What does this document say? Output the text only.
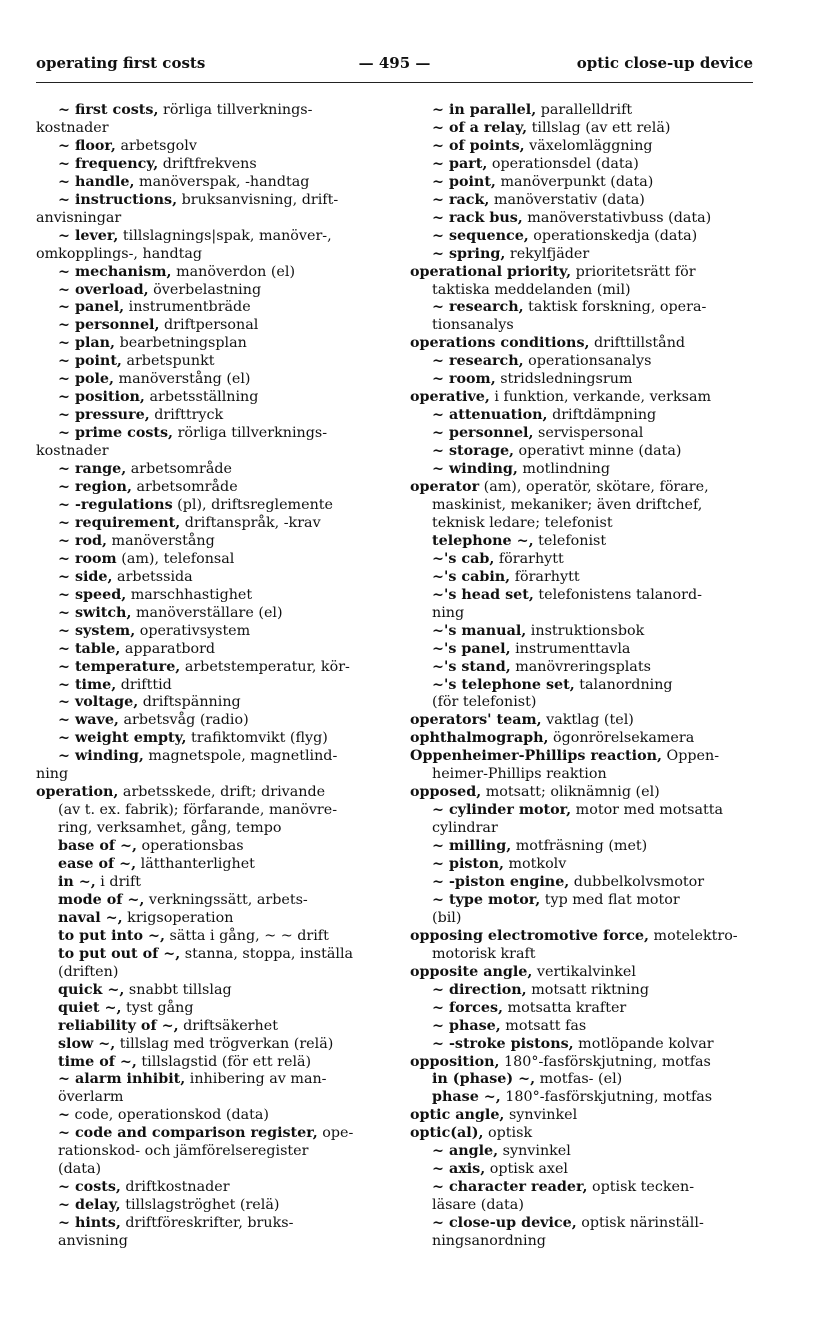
operating first costs	— 495 —	optic close-up device
~ first costs, rörliga tillverknings-
kostnader
~ floor, arbetsgolv
~ frequency, driftfrekvens
~ handle, manöverspak, -handtag
~ instructions, bruksanvisning, drift-
anvisningar
~ lever, tillslagnings|spak, manöver-,
omkopplings-, handtag
~ mechanism, manöverdon (el)
~ overload, överbelastning
~ panel, instrumentbräde
~ personnel, driftpersonal
~ plan, bearbetningsplan
~ point, arbetspunkt
~ pole, manöverstång (el)
~ position, arbetsställning
~ pressure, drifttryck
~ prime costs, rörliga tillverknings-
kostnader
~ range, arbetsområde
~ region, arbetsområde
~ -regulations (pl), driftsreglemente
~ requirement, driftanspråk, -krav
~ rod, manöverstång
~ room (am), telefonsal
~ side, arbetssida
~ speed, marschhastighet
~ switch, manöverställare (el)
~ system, operativsystem
~ table, apparatbord
~ temperature, arbetstemperatur, kör-
~ time, drifttid
~ voltage, driftspänning
~ wave, arbetsvåg (radio)
~ weight empty, trafiktomvikt (flyg)
~ winding, magnetspole, magnetlind-
ning
operation, arbetsskede, drift; drivande
(av t. ex. fabrik); förfarande, manövre-
ring, verksamhet, gång, tempo
base of ~, operationsbas
ease of ~, lätthanterlighet
in ~, i drift
mode of ~, verkningssätt, arbets-
naval ~, krigsoperation
to put into ~, sätta i gång, ~ ~ drift
to put out of ~, stanna, stoppa, inställa
(driften)
quick ~, snabbt tillslag
quiet ~, tyst gång
reliability of ~, driftsäkerhet
slow ~, tillslag med trögverkan (relä)
time of ~, tillslagstid (för ett relä)
~ alarm inhibit, inhibering av man-
överlarm
~ code, operationskod (data)
~ code and comparison register, ope-
rationskod- och jämförelseregister
(data)
~ costs, driftkostnader
~ delay, tillslagströghet (relä)
~ hints, driftföreskrifter, bruks-
anvisning
~ in parallel, parallelldrift
~ of a relay, tillslag (av ett relä)
~ of points, växelomläggning
~ part, operationsdel (data)
~ point, manöverpunkt (data)
~ rack, manöverstativ (data)
~ rack bus, manöverstativbuss (data)
~ sequence, operationskedja (data)
~ spring, rekylfjäder
operational priority, prioritetsrätt för
taktiska meddelanden (mil)
~ research, taktisk forskning, opera-
tionsanalys
operations conditions, drifttillstånd
~ research, operationsanalys
~ room, stridsledningsrum
operative, i funktion, verkande, verksam
~ attenuation, driftdämpning
~ personnel, servispersonal
~ storage, operativt minne (data)
~ winding, motlindning
operator (am), operatör, skötare, förare,
maskinist, mekaniker; även driftchef,
teknisk ledare; telefonist
telephone ~, telefonist
~'s cab, förarhytt
~'s cabin, förarhytt
~'s head set, telefonistens talanord-
ning
~'s manual, instruktionsbok
~'s panel, instrumenttavla
~'s stand, manövreringsplats
~'s telephone set, talanordning
(för telefonist)
operators' team, vaktlag (tel)
ophthalmograph, ögonrörelsekamera
Oppenheimer-Phillips reaction, Oppen-
heimer-Phillips reaktion
opposed, motsatt; oliknämnig (el)
~ cylinder motor, motor med motsatta
cylindrar
~ milling, motfräsning (met)
~ piston, motkolv
~ -piston engine, dubbelkolvsmotor
~ type motor, typ med flat motor
(bil)
opposing electromotive force, motelektro-
motorisk kraft
opposite angle, vertikalvinkel
~ direction, motsatt riktning
~ forces, motsatta krafter
~ phase, motsatt fas
~ -stroke pistons, motlöpande kolvar
opposition, 180°-fasförskjutning, motfas
in (phase) ~, motfas- (el)
phase ~, 180°-fasförskjutning, motfas
optic angle, synvinkel
optic(al), optisk
~ angle, synvinkel
~ axis, optisk axel
~ character reader, optisk tecken-
läsare (data)
~ close-up device, optisk närinställ-
ningsanordning
